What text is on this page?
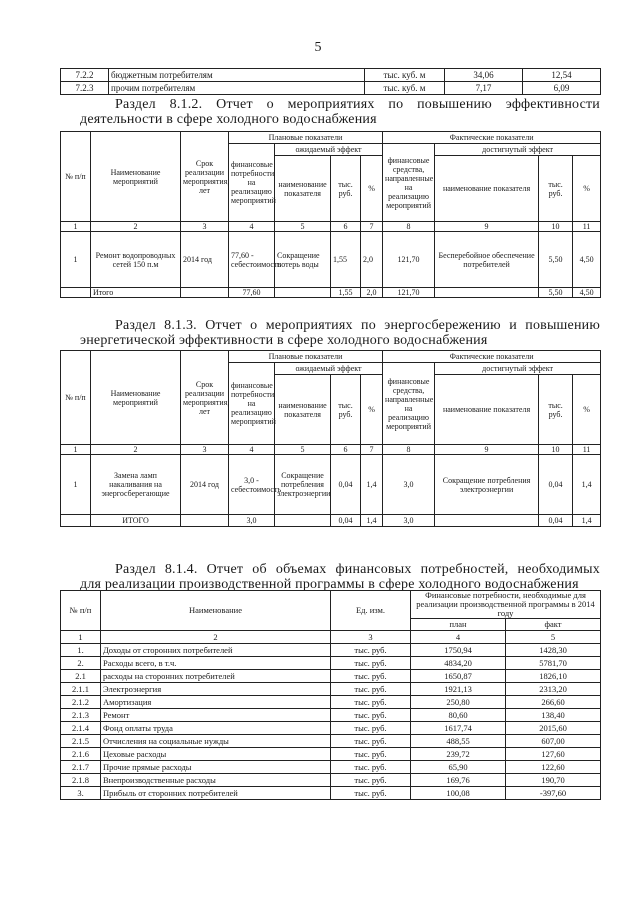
5
7.2.2	бюджетным потребителям	тыс. куб. м	34,06	12,54
7.2.3	прочим потребителям	тыс. куб. м	7,17	6,09
Раздел 8.1.2. Отчет о мероприятиях по повышению эффективности
деятельности в сфере холодного водоснабжения
№ п/п	Наименование мероприятий	Срок реализации мероприятия, лет	Плановые показатели				Фактические показатели			
			финансовые потребности на реализацию мероприятий	ожидаемый эффект			финансовые средства, направленные на реализацию мероприятий	достигнутый эффект		
				наименование показателя	тыс. руб.	%		наименование показателя	тыс. руб.	%
1	2	3	4	5	6	7	8	9	10	11
1	Ремонт водопроводных сетей 150 п.м	2014 год	77,60 - себестоимость	Сокращение потерь воды	1,55	2,0	121,70	Бесперебойное обеспечение потребителей	5,50	4,50
	Итого		77,60		1,55	2,0	121,70		5,50	4,50
Раздел 8.1.3. Отчет о мероприятиях по энергосбережению и повышению
энергетической эффективности в сфере холодного водоснабжения
№ п/п	Наименование мероприятий	Срок реализации мероприятия, лет	Плановые показатели				Фактические показатели			
			финансовые потребности на реализацию мероприятий	ожидаемый эффект			финансовые средства, направленные на реализацию мероприятий	достигнутый эффект		
				наименование показателя	тыс. руб.	%		наименование показателя	тыс. руб.	%
1	2	3	4	5	6	7	8	9	10	11
1	Замена ламп накаливания на энергосберегающие	2014 год	3,0 - себестоимость	Сокращение потребления электроэнергии	0,04	1,4	3,0	Сокращение потребления электроэнергии	0,04	1,4
	ИТОГО		3,0		0,04	1,4	3,0		0,04	1,4
Раздел 8.1.4. Отчет об объемах финансовых потребностей, необходимых
для реализации производственной программы в сфере холодного водоснабжения
№ п/п	Наименование	Ед. изм.	Финансовые потребности, необходимые для реализации производственной программы в 2014 году	
			план	факт
1	2	3	4	5
1.	Доходы от сторонних потребителей	тыс. руб.	1750,94	1428,30
2.	Расходы всего, в т.ч.	тыс. руб.	4834,20	5781,70
2.1	расходы на сторонних потребителей	тыс. руб.	1650,87	1826,10
2.1.1	Электроэнергия	тыс. руб.	1921,13	2313,20
2.1.2	Амортизация	тыс. руб.	250,80	266,60
2.1.3	Ремонт	тыс. руб.	80,60	138,40
2.1.4	Фонд оплаты труда	тыс. руб.	1617,74	2015,60
2.1.5	Отчисления на социальные нужды	тыс. руб.	488,55	607,00
2.1.6	Цеховые расходы	тыс. руб.	239,72	127,60
2.1.7	Прочие прямые расходы	тыс. руб.	65,90	122,60
2.1.8	Внепроизводственные расходы	тыс. руб.	169,76	190,70
3.	Прибыль от сторонних потребителей	тыс. руб.	100,08	-397,60
